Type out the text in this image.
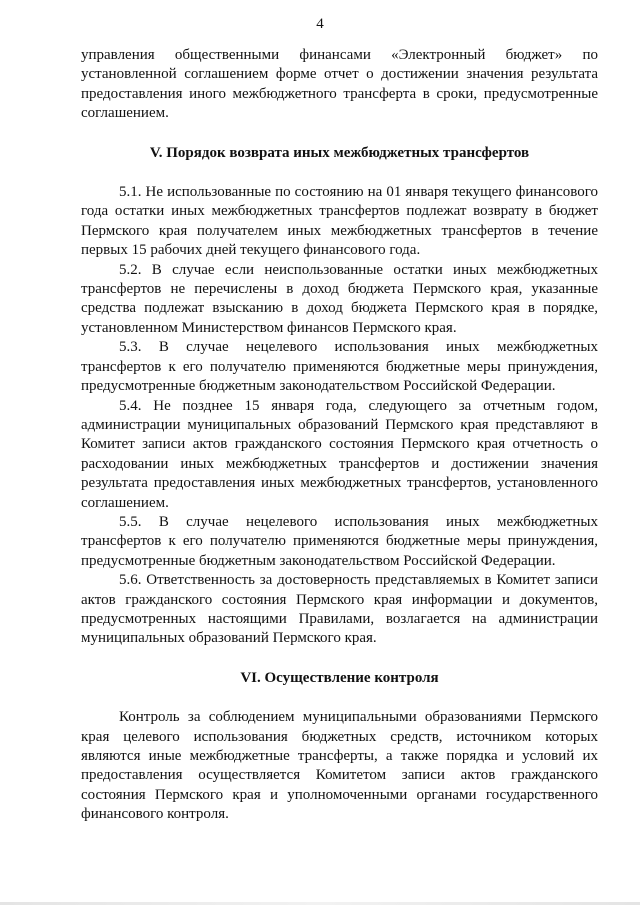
4

управления общественными финансами «Электронный бюджет» по установленной соглашением форме отчет о достижении значения результата предоставления иного межбюджетного трансферта в сроки, предусмотренные соглашением.

V. Порядок возврата иных межбюджетных трансфертов

5.1. Не использованные по состоянию на 01 января текущего финансового года остатки иных межбюджетных трансфертов подлежат возврату в бюджет Пермского края получателем иных межбюджетных трансфертов в течение первых 15 рабочих дней текущего финансового года.

5.2. В случае если неиспользованные остатки иных межбюджетных трансфертов не перечислены в доход бюджета Пермского края, указанные средства подлежат взысканию в доход бюджета Пермского края в порядке, установленном Министерством финансов Пермского края.

5.3. В случае нецелевого использования иных межбюджетных трансфертов к его получателю применяются бюджетные меры принуждения, предусмотренные бюджетным законодательством Российской Федерации.

5.4. Не позднее 15 января года, следующего за отчетным годом, администрации муниципальных образований Пермского края представляют в Комитет записи актов гражданского состояния Пермского края отчетность о расходовании иных межбюджетных трансфертов и достижении значения результата предоставления иных межбюджетных трансфертов, установленного соглашением.

5.5. В случае нецелевого использования иных межбюджетных трансфертов к его получателю применяются бюджетные меры принуждения, предусмотренные бюджетным законодательством Российской Федерации.

5.6. Ответственность за достоверность представляемых в Комитет записи актов гражданского состояния Пермского края информации и документов, предусмотренных настоящими Правилами, возлагается на администрации муниципальных образований Пермского края.

VI. Осуществление контроля

Контроль за соблюдением муниципальными образованиями Пермского края целевого использования бюджетных средств, источником которых являются иные межбюджетные трансферты, а также порядка и условий их предоставления осуществляется Комитетом записи актов гражданского состояния Пермского края и уполномоченными органами государственного финансового контроля.
